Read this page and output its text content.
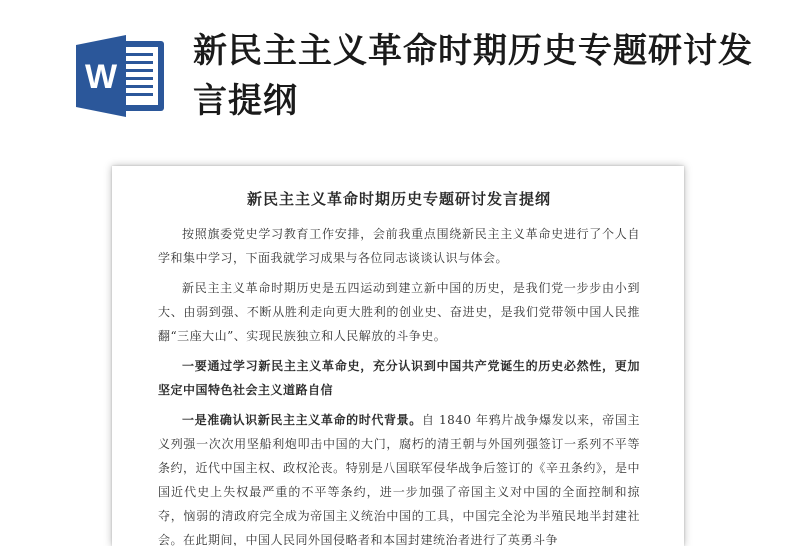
W
新民主主义革命时期历史专题研讨发言提纲
新民主主义革命时期历史专题研讨发言提纲

按照旗委党史学习教育工作安排，会前我重点围绕新民主主义革命史进行了个人自学和集中学习，下面我就学习成果与各位同志谈谈认识与体会。

新民主主义革命时期历史是五四运动到建立新中国的历史，是我们党一步步由小到大、由弱到强、不断从胜利走向更大胜利的创业史、奋进史，是我们党带领中国人民推翻“三座大山”、实现民族独立和人民解放的斗争史。

一要通过学习新民主主义革命史，充分认识到中国共产党诞生的历史必然性，更加坚定中国特色社会主义道路自信

一是准确认识新民主主义革命的时代背景。自 1840 年鸦片战争爆发以来，帝国主义列强一次次用坚船利炮叩击中国的大门，腐朽的清王朝与外国列强签订一系列不平等条约，近代中国主权、政权沦丧。特别是八国联军侵华战争后签订的《辛丑条约》，是中国近代史上失权最严重的不平等条约，进一步加强了帝国主义对中国的全面控制和掠夺，恼弱的清政府完全成为帝国主义统治中国的工具，中国完全沦为半殖民地半封建社会。在此期间，中国人民同外国侵略者和本国封建统治者进行了英勇斗争
